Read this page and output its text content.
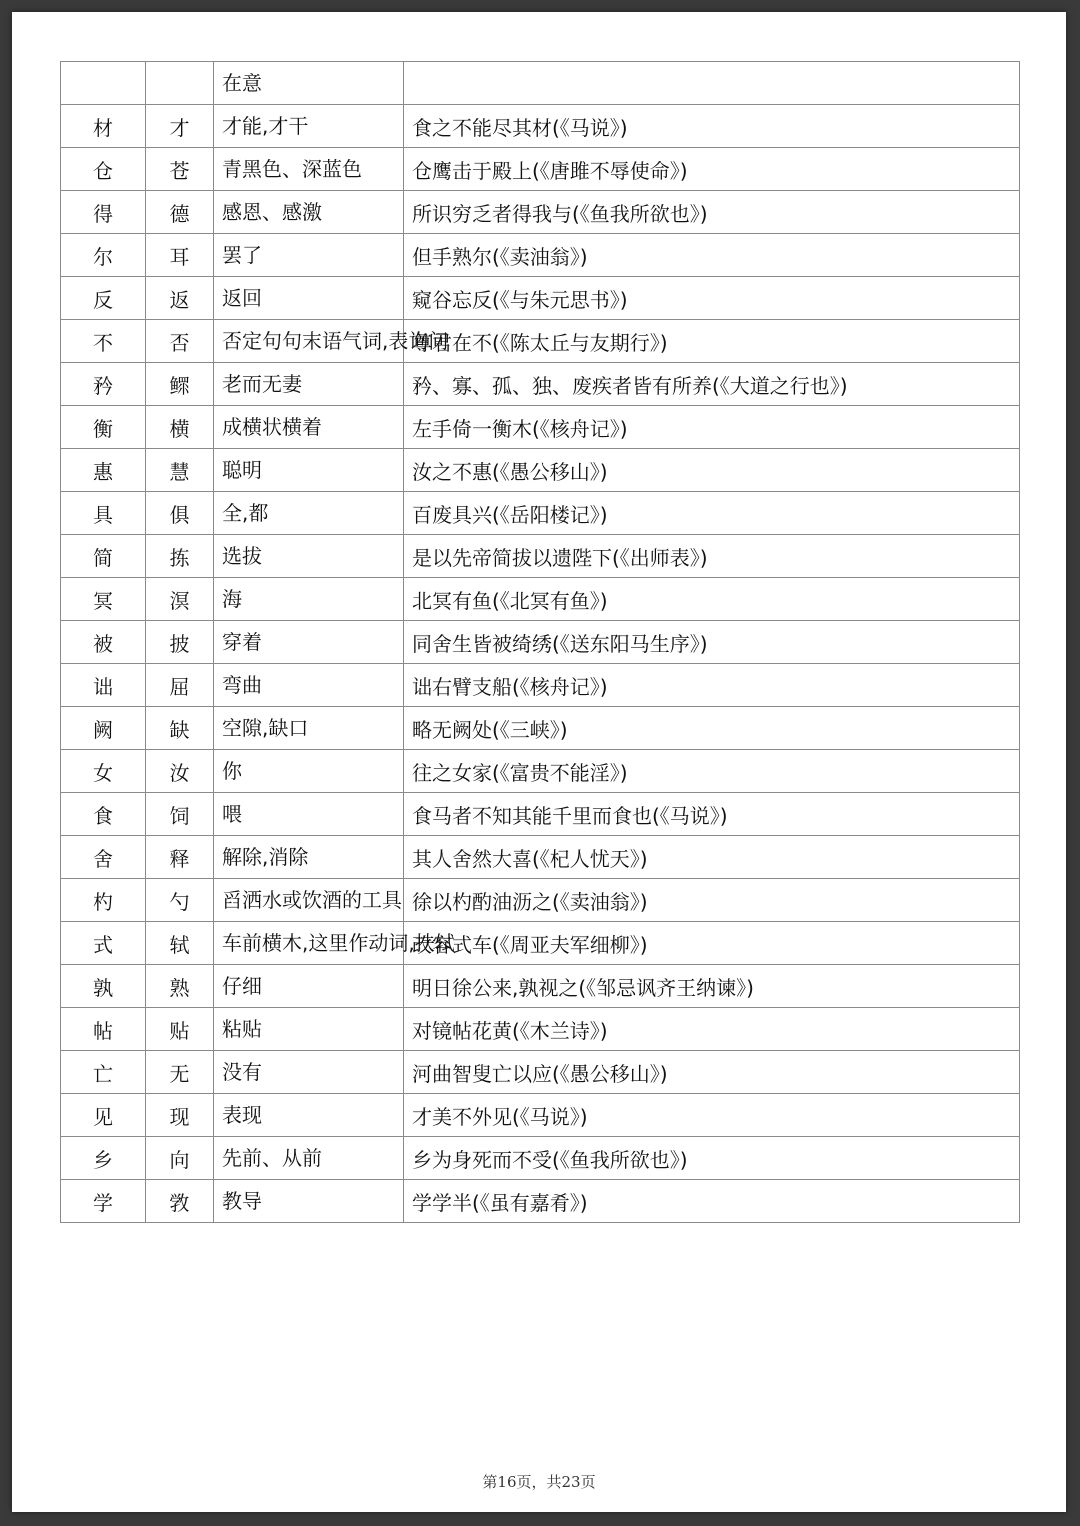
		在意	
材	才	才能,才干	食之不能尽其材(《马说》)
仓	苍	青黑色、深蓝色	仓鹰击于殿上(《唐雎不辱使命》)
得	德	感恩、感激	所识穷乏者得我与(《鱼我所欲也》)
尔	耳	罢了	但手熟尔(《卖油翁》)
反	返	返回	窥谷忘反(《与朱元思书》)
不	否	否定句句末语气词,表询问	尊君在不(《陈太丘与友期行》)
矜	鳏	老而无妻	矜、寡、孤、独、废疾者皆有所养(《大道之行也》)
衡	横	成横状横着	左手倚一衡木(《核舟记》)
惠	慧	聪明	汝之不惠(《愚公移山》)
具	俱	全,都	百废具兴(《岳阳楼记》)
简	拣	选拔	是以先帝简拔以遗陛下(《出师表》)
冥	溟	海	北冥有鱼(《北冥有鱼》)
被	披	穿着	同舍生皆被绮绣(《送东阳马生序》)
诎	屈	弯曲	诎右臂支船(《核舟记》)
阙	缺	空隙,缺口	略无阙处(《三峡》)
女	汝	你	往之女家(《富贵不能淫》)
食	饲	喂	食马者不知其能千里而食也(《马说》)
舍	释	解除,消除	其人舍然大喜(《杞人忧天》)
杓	勺	舀洒水或饮酒的工具	徐以杓酌油沥之(《卖油翁》)
式	轼	车前横木,这里作动词,扶轼	改容式车(《周亚夫军细柳》)
孰	熟	仔细	明日徐公来,孰视之(《邹忌讽齐王纳谏》)
帖	贴	粘贴	对镜帖花黄(《木兰诗》)
亡	无	没有	河曲智叟亡以应(《愚公移山》)
见	现	表现	才美不外见(《马说》)
乡	向	先前、从前	乡为身死而不受(《鱼我所欲也》)
学	敩	教导	学学半(《虽有嘉肴》)
第16页，共23页
